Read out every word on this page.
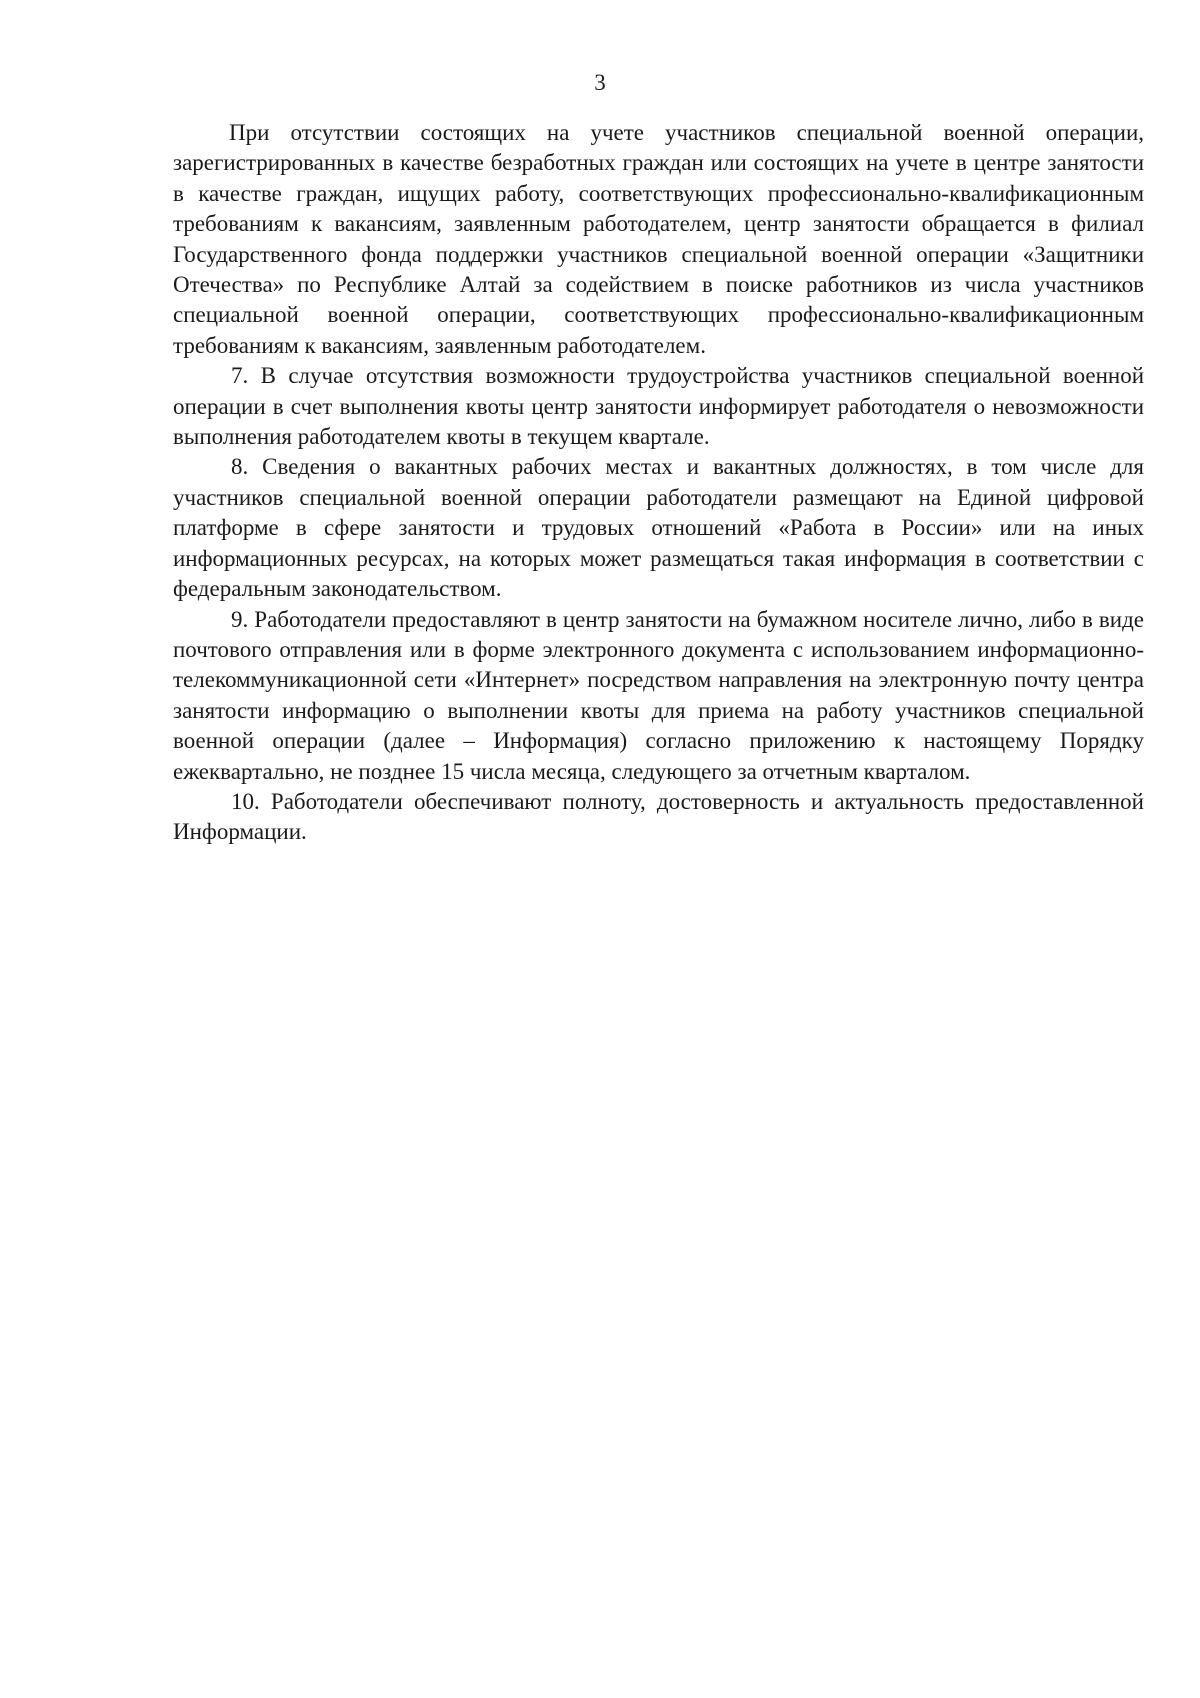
3

При отсутствии состоящих на учете участников специальной военной операции, зарегистрированных в качестве безработных граждан или состоящих на учете в центре занятости в качестве граждан, ищущих работу, соответствующих профессионально-квалификационным требованиям к вакансиям, заявленным работодателем, центр занятости обращается в филиал Государственного фонда поддержки участников специальной военной операции «Защитники Отечества» по Республике Алтай за содействием в поиске работников из числа участников специальной военной операции, соответствующих профессионально-квалификационным требованиям к вакансиям, заявленным работодателем.

7. В случае отсутствия возможности трудоустройства участников специальной военной операции в счет выполнения квоты центр занятости информирует работодателя о невозможности выполнения работодателем квоты в текущем квартале.

8. Сведения о вакантных рабочих местах и вакантных должностях, в том числе для участников специальной военной операции работодатели размещают на Единой цифровой платформе в сфере занятости и трудовых отношений «Работа в России» или на иных информационных ресурсах, на которых может размещаться такая информация в соответствии с федеральным законодательством.

9. Работодатели предоставляют в центр занятости на бумажном носителе лично, либо в виде почтового отправления или в форме электронного документа с использованием информационно-телекоммуникационной сети «Интернет» посредством направления на электронную почту центра занятости информацию о выполнении квоты для приема на работу участников специальной военной операции (далее – Информация) согласно приложению к настоящему Порядку ежеквартально, не позднее 15 числа месяца, следующего за отчетным кварталом.

10. Работодатели обеспечивают полноту, достоверность и актуальность предоставленной Информации.
